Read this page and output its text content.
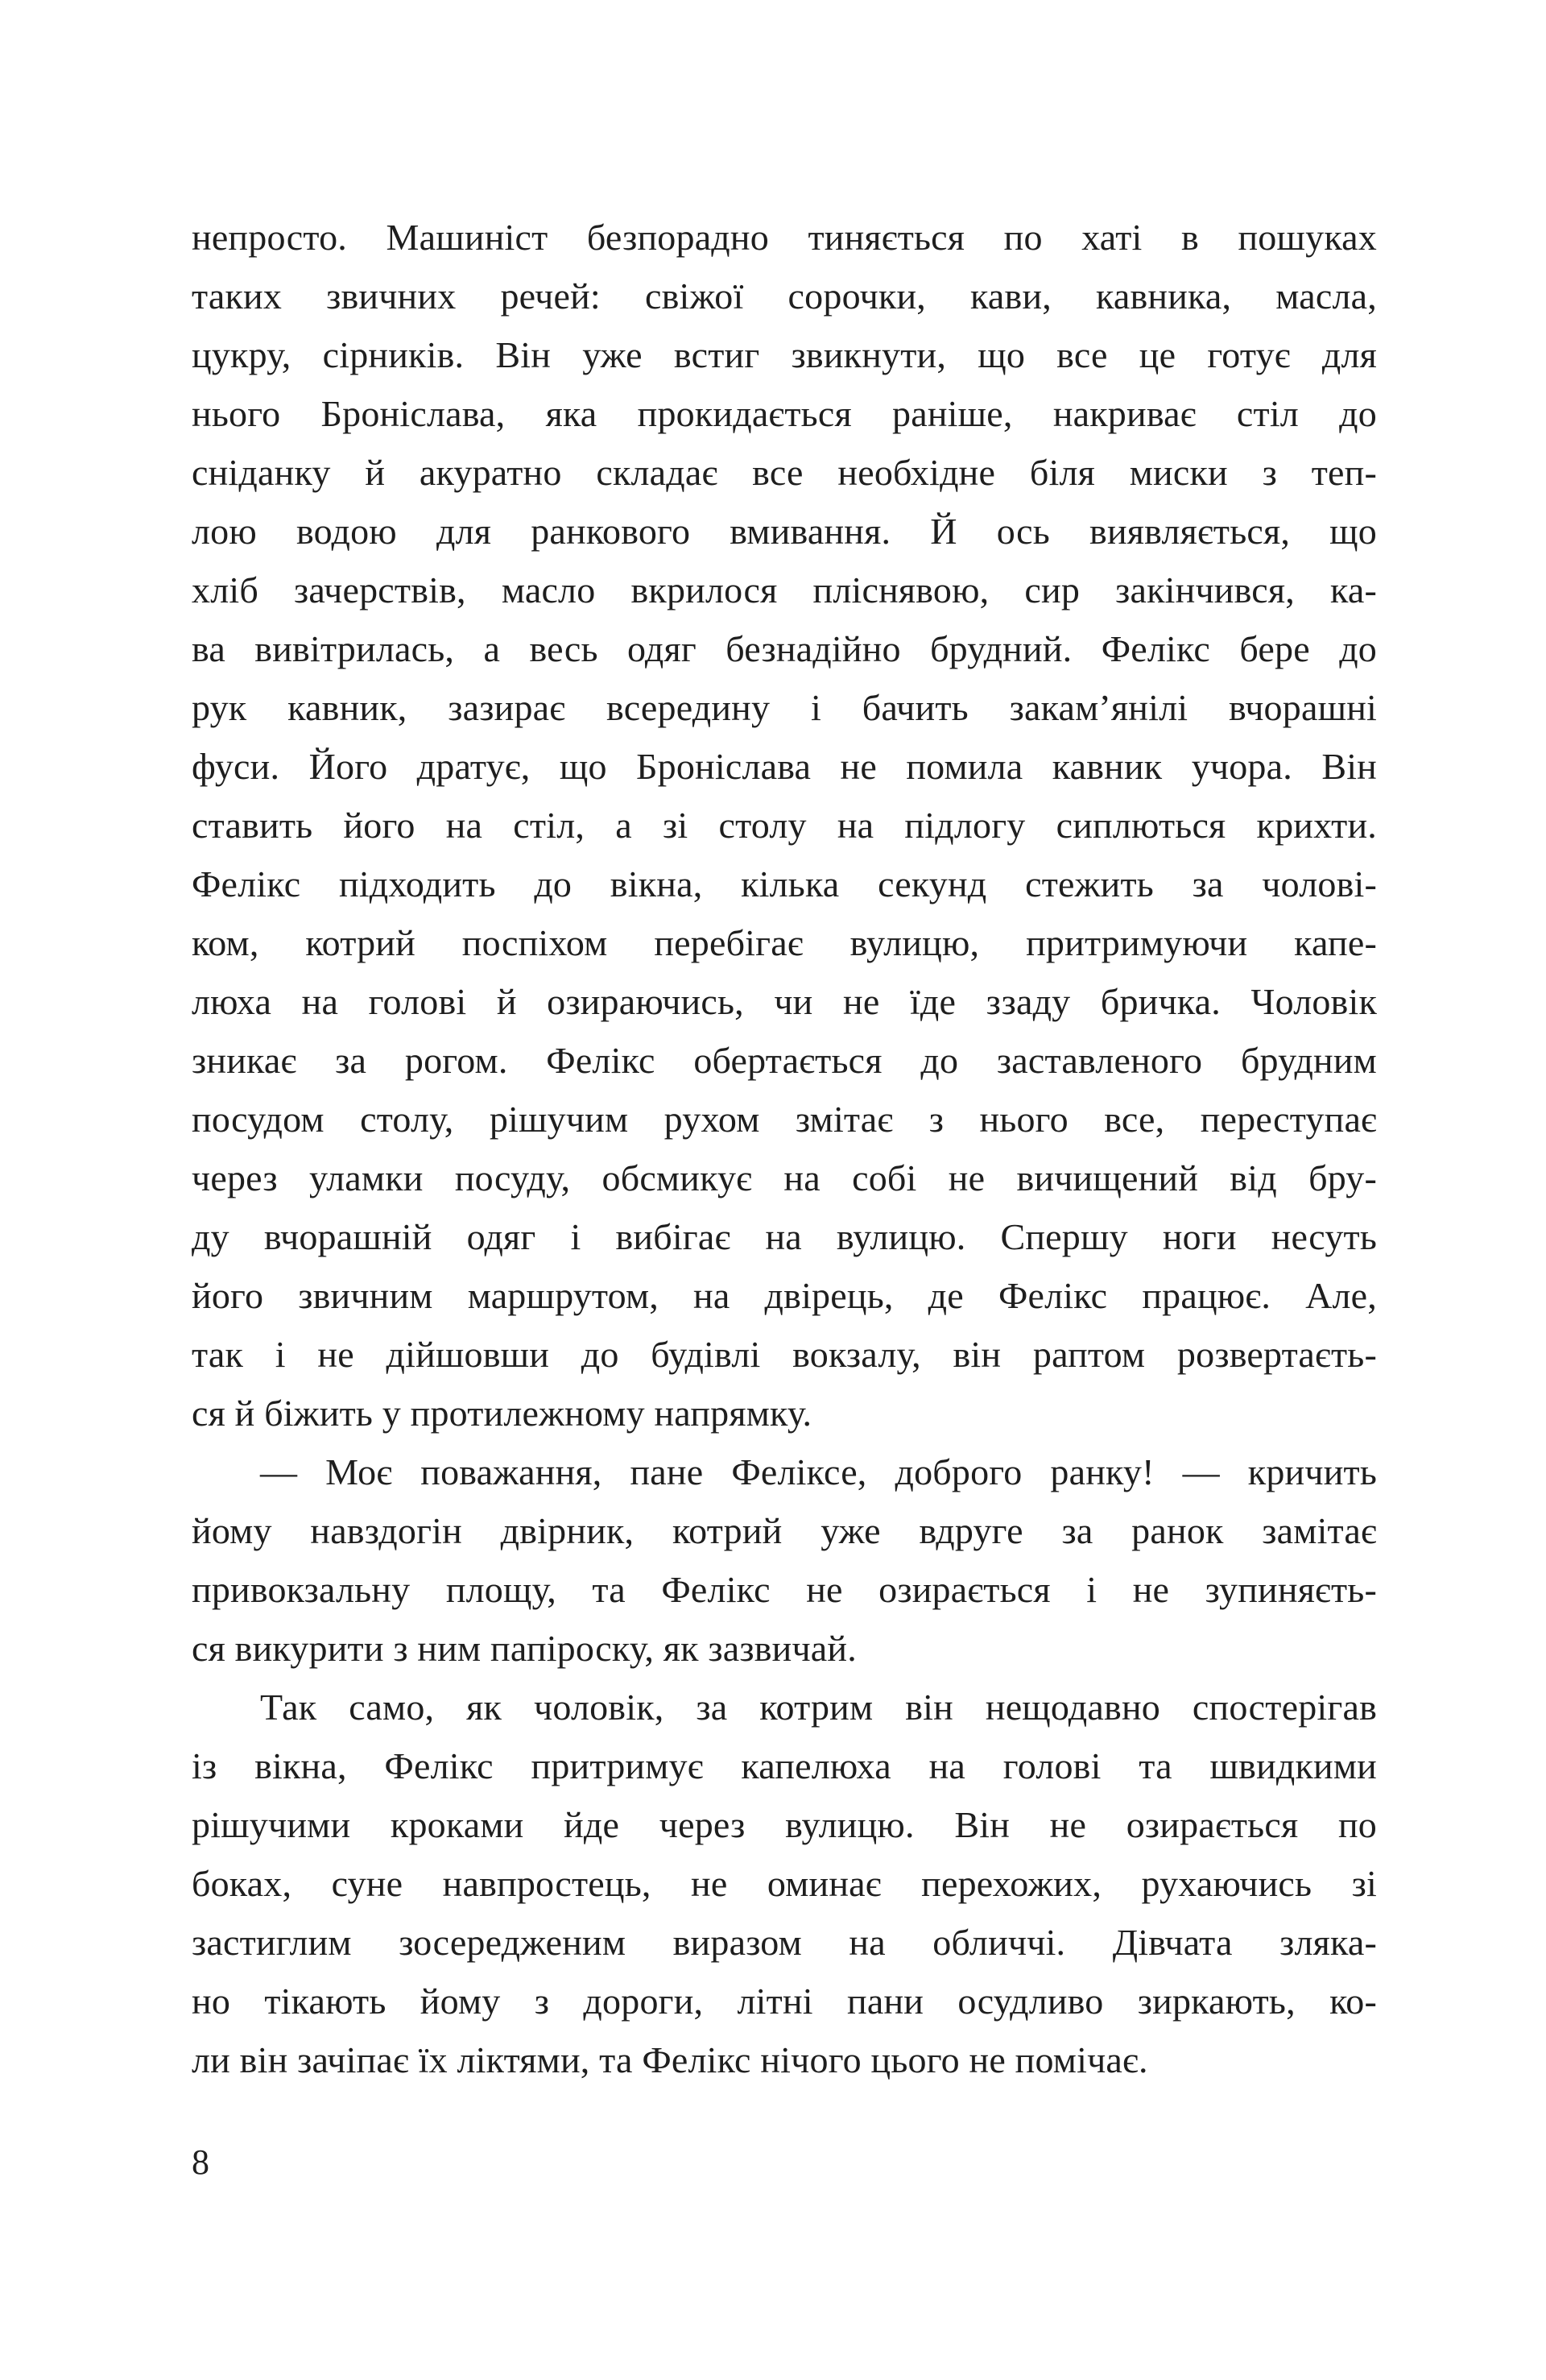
непросто. Машиніст безпорадно тиняється по хаті в пошуках
таких звичних речей: свіжої сорочки, кави, кавника, масла,
цукру, сірників. Він уже встиг звикнути, що все це готує для
нього Броніслава, яка прокидається раніше, накриває стіл до
сніданку й акуратно складає все необхідне біля миски з теп-
лою водою для ранкового вмивання. Й ось виявляється, що
хліб зачерствів, масло вкрилося пліснявою, сир закінчився, ка-
ва вивітрилась, а весь одяг безнадійно брудний. Фелікс бере до
рук кавник, зазирає всередину і бачить закам’янілі вчорашні
фуси. Його дратує, що Броніслава не помила кавник учора. Він
ставить його на стіл, а зі столу на підлогу сиплються крихти.
Фелікс підходить до вікна, кілька секунд стежить за чолові-
ком, котрий поспіхом перебігає вулицю, притримуючи капе-
люха на голові й озираючись, чи не їде ззаду бричка. Чоловік
зникає за рогом. Фелікс обертається до заставленого брудним
посудом столу, рішучим рухом змітає з нього все, переступає
через уламки посуду, обсмикує на собі не вичищений від бру-
ду вчорашній одяг і вибігає на вулицю. Спершу ноги несуть
його звичним маршрутом, на двірець, де Фелікс працює. Але,
так і не дійшовши до будівлі вокзалу, він раптом розвертаєть-
ся й біжить у протилежному напрямку.
— Моє поважання, пане Феліксе, доброго ранку! — кричить
йому навздогін двірник, котрий уже вдруге за ранок замітає
привокзальну площу, та Фелікс не озирається і не зупиняєть-
ся викурити з ним папіроску, як зазвичай.
Так само, як чоловік, за котрим він нещодавно спостерігав
із вікна, Фелікс притримує капелюха на голові та швидкими
рішучими кроками йде через вулицю. Він не озирається по
боках, суне навпростець, не оминає перехожих, рухаючись зі
застиглим зосередженим виразом на обличчі. Дівчата зляка-
но тікають йому з дороги, літні пани осудливо зиркають, ко-
ли він зачіпає їх ліктями, та Фелікс нічого цього не помічає.
8
